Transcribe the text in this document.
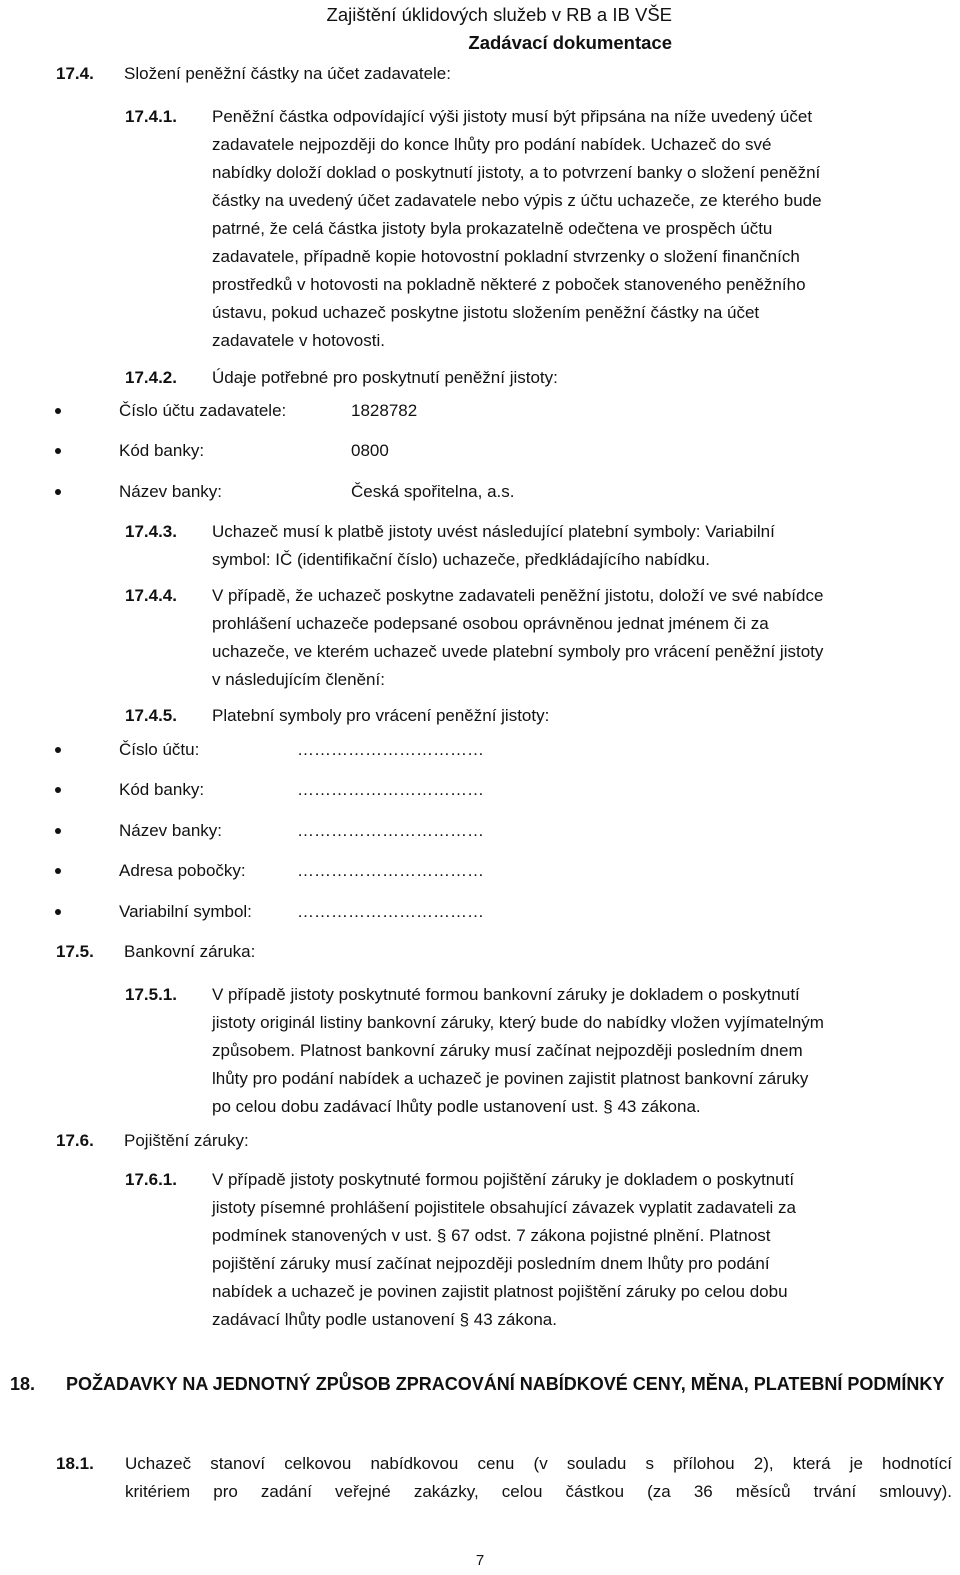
Zajištění úklidových služeb v RB a IB VŠE
Zadávací dokumentace
17.4. Složení peněžní částky na účet zadavatele:
17.4.1. Peněžní částka odpovídající výši jistoty musí být připsána na níže uvedený účet

zadavatele nejpozději do konce lhůty pro podání nabídek. Uchazeč do své

nabídky doloží doklad o poskytnutí jistoty, a to potvrzení banky o složení peněžní

částky na uvedený účet zadavatele nebo výpis z účtu uchazeče, ze kterého bude

patrné, že celá částka jistoty byla prokazatelně odečtena ve prospěch účtu

zadavatele, případně kopie hotovostní pokladní stvrzenky o složení finančních

prostředků v hotovosti na pokladně některé z poboček stanoveného peněžního

ústavu, pokud uchazeč poskytne jistotu složením peněžní částky na účet

zadavatele v hotovosti.

17.4.2. Údaje potřebné pro poskytnutí peněžní jistoty:
Číslo účtu zadavatele:	1828782
Kód banky:	0800
Název banky:	Česká spořitelna, a.s.
17.4.3. Uchazeč musí k platbě jistoty uvést následující platební symboly: Variabilní

symbol: IČ (identifikační číslo) uchazeče, předkládajícího nabídku.

17.4.4. V případě, že uchazeč poskytne zadavateli peněžní jistotu, doloží ve své nabídce

prohlášení uchazeče podepsané osobou oprávněnou jednat jménem či za

uchazeče, ve kterém uchazeč uvede platební symboly pro vrácení peněžní jistoty

v následujícím členění:

17.4.5. Platební symboly pro vrácení peněžní jistoty:
Číslo účtu:	……………………………
Kód banky:	……………………………
Název banky:	……………………………
Adresa pobočky:	……………………………
Variabilní symbol:	……………………………
17.5. Bankovní záruka:
17.5.1. V případě jistoty poskytnuté formou bankovní záruky je dokladem o poskytnutí

jistoty originál listiny bankovní záruky, který bude do nabídky vložen vyjímatelným

způsobem. Platnost bankovní záruky musí začínat nejpozději posledním dnem

lhůty pro podání nabídek a uchazeč je povinen zajistit platnost bankovní záruky

po celou dobu zadávací lhůty podle ustanovení ust. § 43 zákona.

17.6. Pojištění záruky:
17.6.1. V případě jistoty poskytnuté formou pojištění záruky je dokladem o poskytnutí

jistoty písemné prohlášení pojistitele obsahující závazek vyplatit zadavateli za

podmínek stanovených v ust. § 67 odst. 7 zákona pojistné plnění. Platnost

pojištění záruky musí začínat nejpozději posledním dnem lhůty pro podání

nabídek a uchazeč je povinen zajistit platnost pojištění záruky po celou dobu

zadávací lhůty podle ustanovení § 43 zákona.

18. POŽADAVKY NA JEDNOTNÝ ZPŮSOB ZPRACOVÁNÍ NABÍDKOVÉ CENY, MĚNA, PLATEBNÍ PODMÍNKY
18.1. Uchazeč stanoví celkovou nabídkovou cenu (v souladu s přílohou 2), která je hodnotící

kritériem pro zadání veřejné zakázky, celou částkou (za 36 měsíců trvání smlouvy).

7
